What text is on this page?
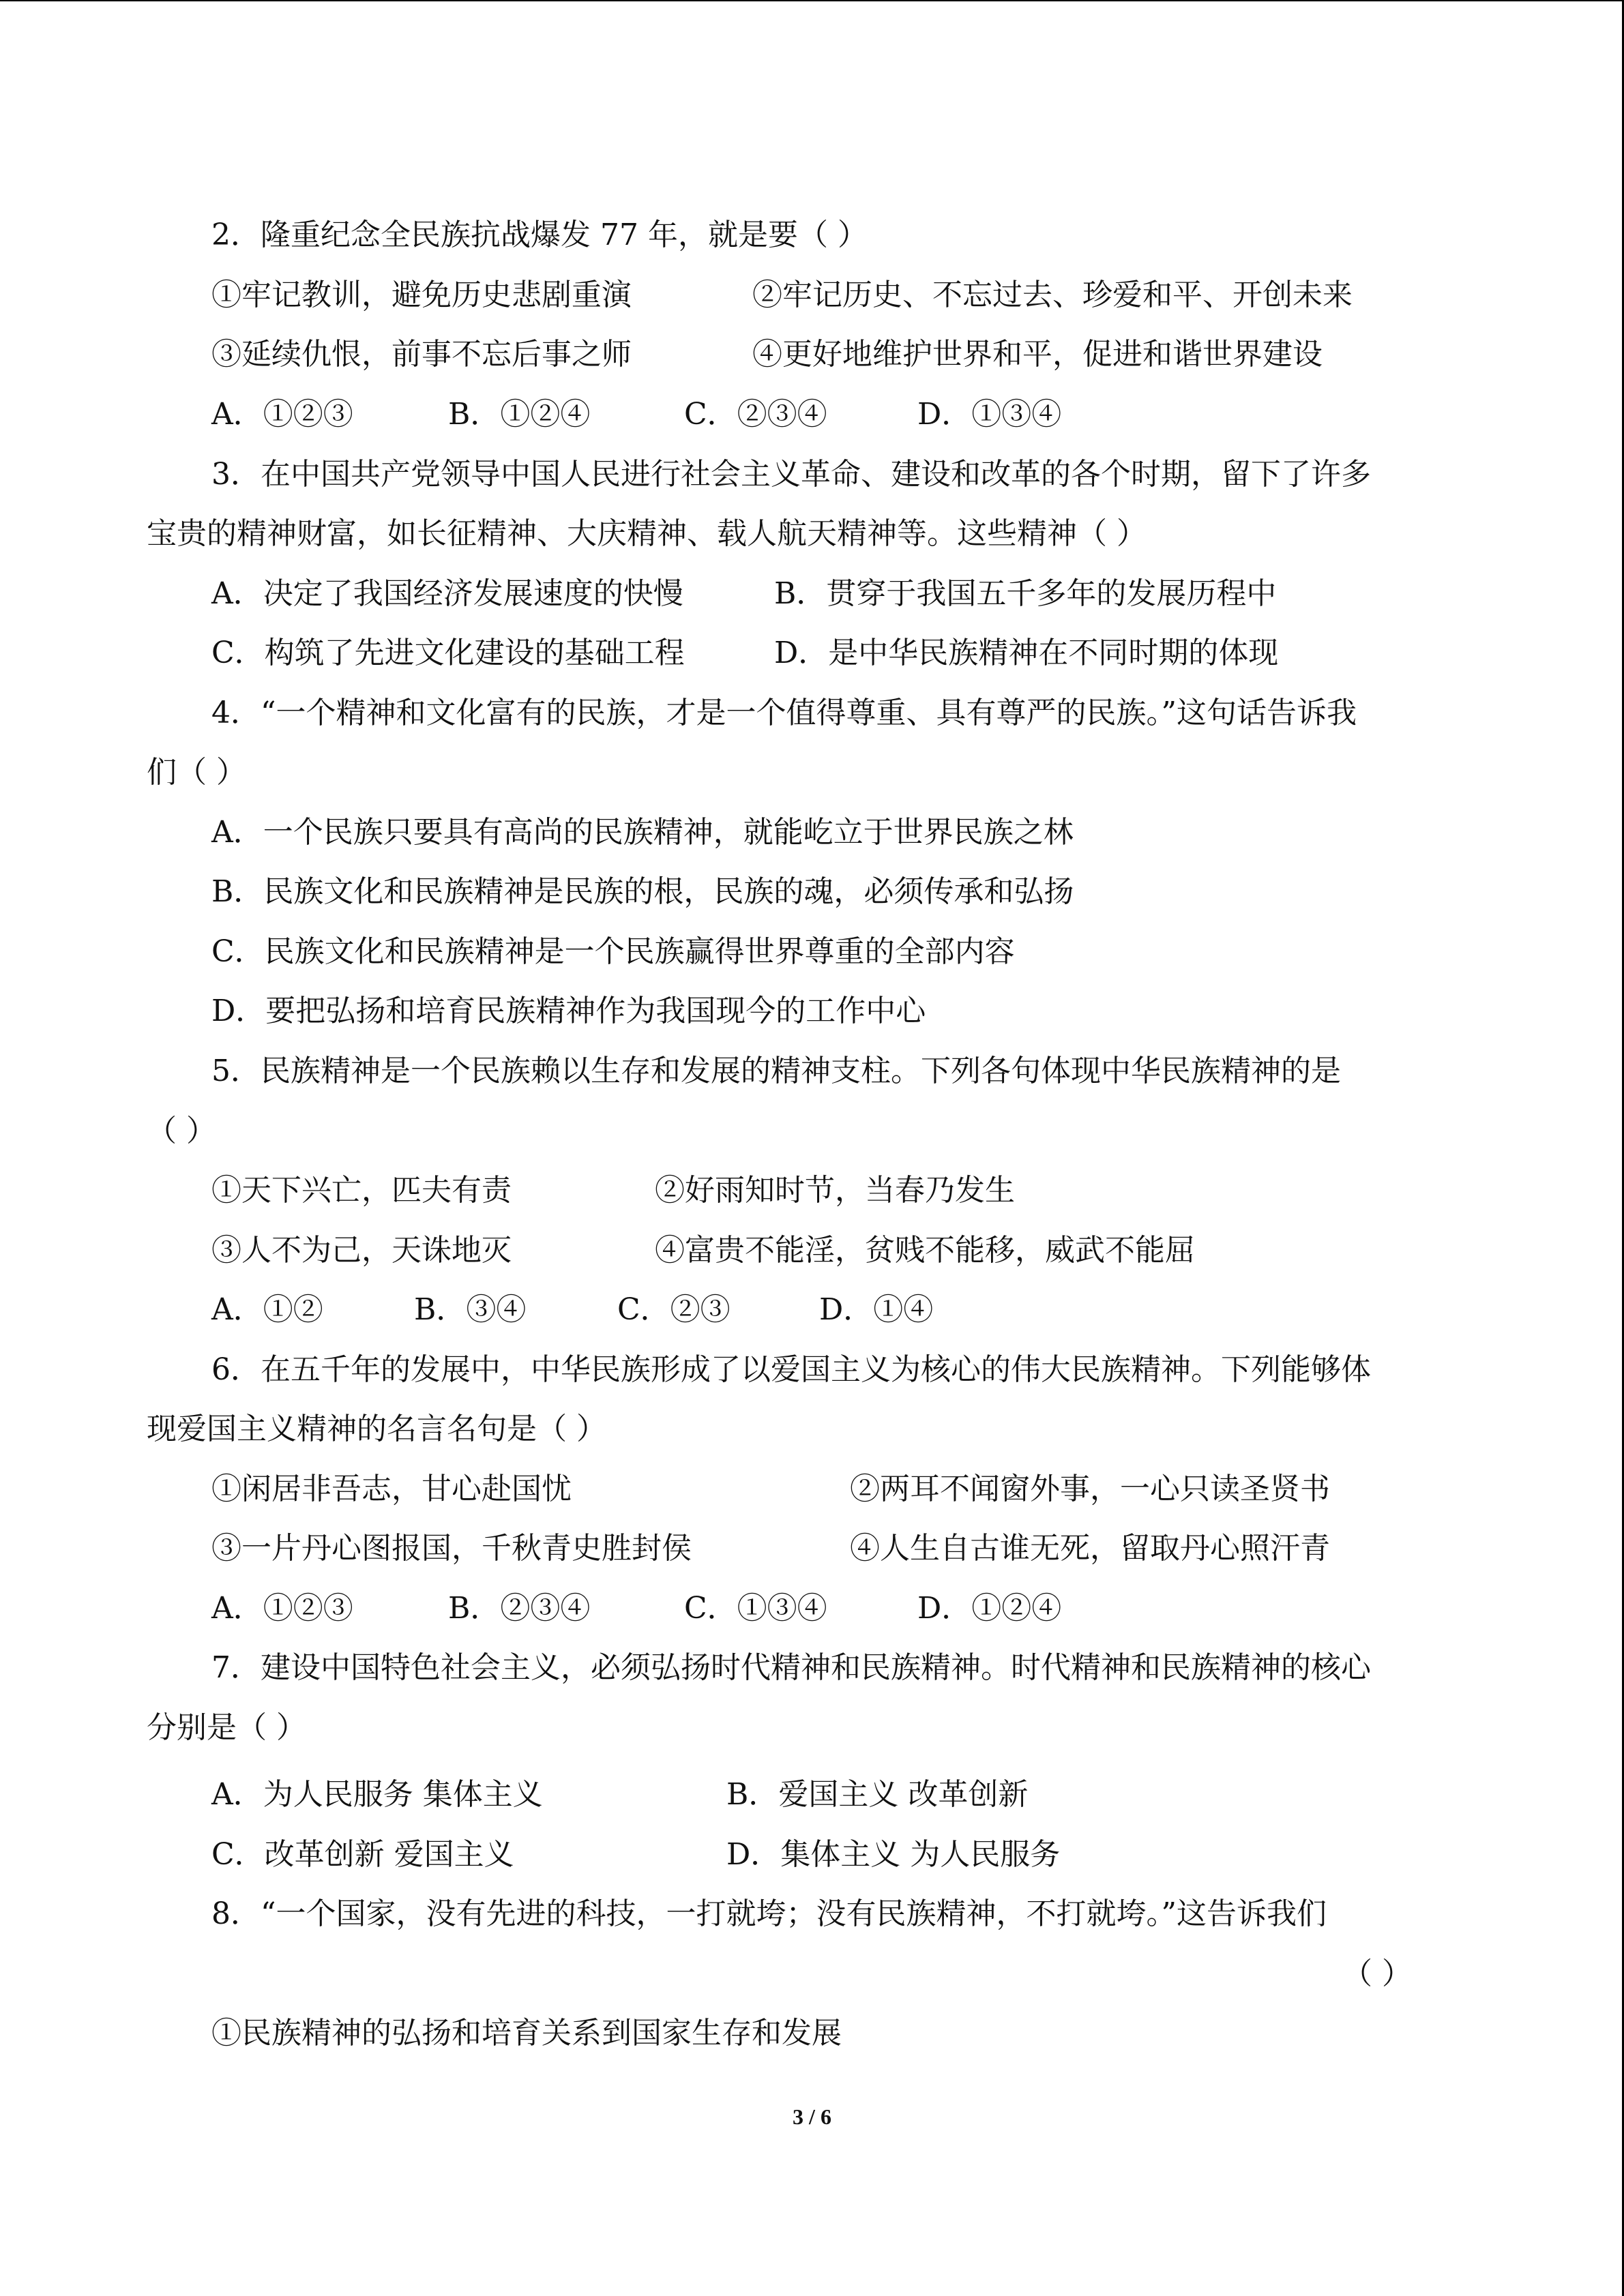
2．隆重纪念全民族抗战爆发 77 年，就是要（ ）
①牢记教训，避免历史悲剧重演	②牢记历史、不忘过去、珍爱和平、开创未来
③延续仇恨，前事不忘后事之师	④更好地维护世界和平，促进和谐世界建设
A．①②③	B．①②④	C．②③④	D．①③④
3．在中国共产党领导中国人民进行社会主义革命、建设和改革的各个时期，留下了许多
宝贵的精神财富，如长征精神、大庆精神、载人航天精神等。这些精神（ ）
A．决定了我国经济发展速度的快慢	B．贯穿于我国五千多年的发展历程中
C．构筑了先进文化建设的基础工程	D．是中华民族精神在不同时期的体现
4．“一个精神和文化富有的民族，才是一个值得尊重、具有尊严的民族。”这句话告诉我
们（ ）
A．一个民族只要具有高尚的民族精神，就能屹立于世界民族之林
B．民族文化和民族精神是民族的根，民族的魂，必须传承和弘扬
C．民族文化和民族精神是一个民族赢得世界尊重的全部内容
D．要把弘扬和培育民族精神作为我国现今的工作中心
5．民族精神是一个民族赖以生存和发展的精神支柱。下列各句体现中华民族精神的是
（ ）
①天下兴亡，匹夫有责	②好雨知时节，当春乃发生
③人不为己，天诛地灭	④富贵不能淫，贫贱不能移，威武不能屈
A．①②	B．③④	C．②③	D．①④
6．在五千年的发展中，中华民族形成了以爱国主义为核心的伟大民族精神。下列能够体
现爱国主义精神的名言名句是（ ）
①闲居非吾志，甘心赴国忧	②两耳不闻窗外事，一心只读圣贤书
③一片丹心图报国，千秋青史胜封侯	④人生自古谁无死，留取丹心照汗青
A．①②③	B．②③④	C．①③④	D．①②④
7．建设中国特色社会主义，必须弘扬时代精神和民族精神。时代精神和民族精神的核心
分别是（ ）
A．为人民服务 集体主义	B．爱国主义 改革创新
C．改革创新 爱国主义	D．集体主义 为人民服务
8．“一个国家，没有先进的科技，一打就垮；没有民族精神，不打就垮。”这告诉我们
（ ）
①民族精神的弘扬和培育关系到国家生存和发展
3 / 6
